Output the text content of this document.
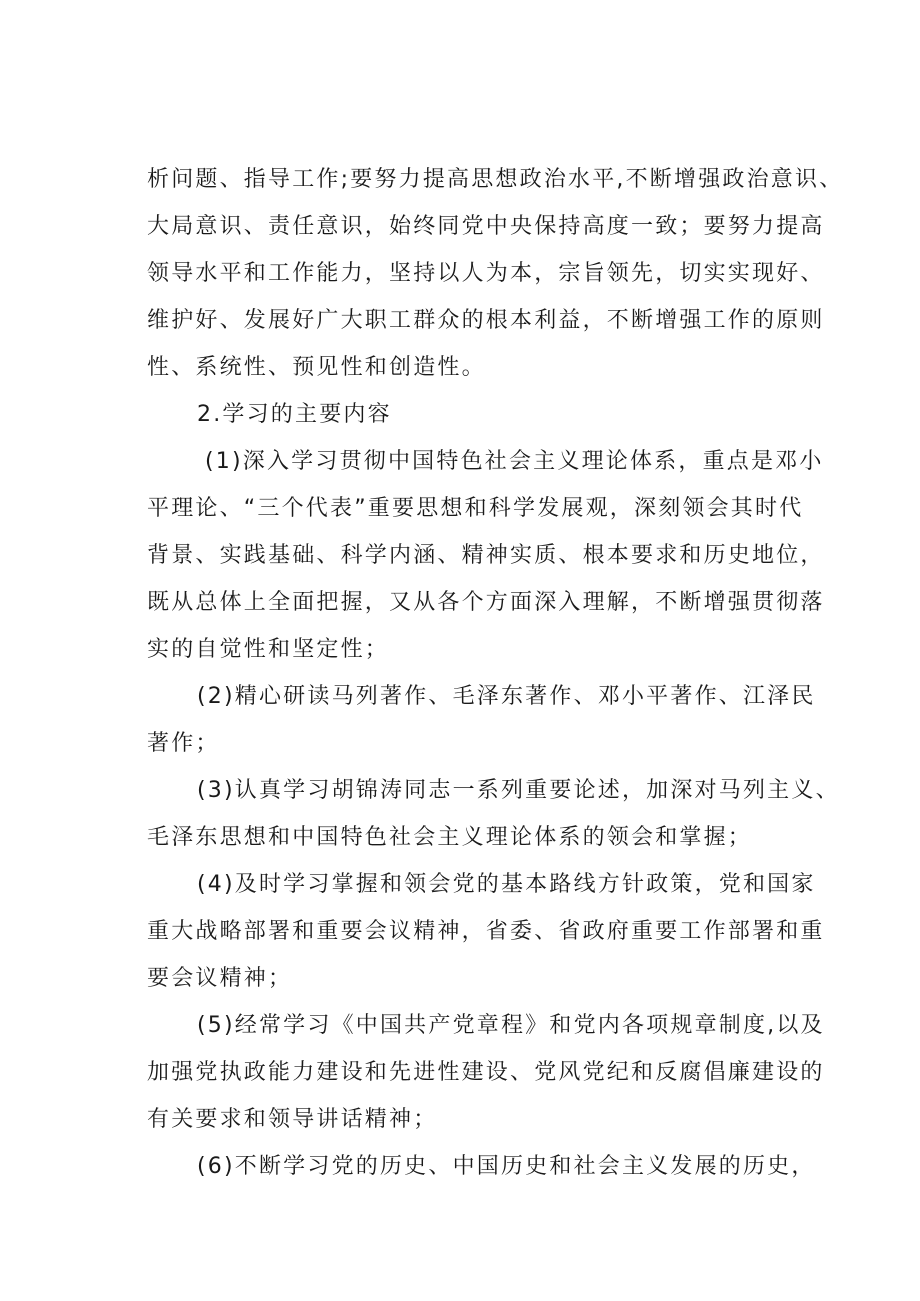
析问题、指导工作;要努力提高思想政治水平,不断增强政治意识、
大局意识、责任意识，始终同党中央保持高度一致；要努力提高
领导水平和工作能力，坚持以人为本，宗旨领先，切实实现好、
维护好、发展好广大职工群众的根本利益，不断增强工作的原则
性、系统性、预见性和创造性。
2.学习的主要内容
(1)深入学习贯彻中国特色社会主义理论体系，重点是邓小
平理论、“三个代表”重要思想和科学发展观，深刻领会其时代
背景、实践基础、科学内涵、精神实质、根本要求和历史地位，
既从总体上全面把握，又从各个方面深入理解，不断增强贯彻落
实的自觉性和坚定性；
(2)精心研读马列著作、毛泽东著作、邓小平著作、江泽民
著作；
(3)认真学习胡锦涛同志一系列重要论述，加深对马列主义、
毛泽东思想和中国特色社会主义理论体系的领会和掌握；
(4)及时学习掌握和领会党的基本路线方针政策，党和国家
重大战略部署和重要会议精神，省委、省政府重要工作部署和重
要会议精神；
(5)经常学习《中国共产党章程》和党内各项规章制度,以及
加强党执政能力建设和先进性建设、党风党纪和反腐倡廉建设的
有关要求和领导讲话精神；
(6)不断学习党的历史、中国历史和社会主义发展的历史，
